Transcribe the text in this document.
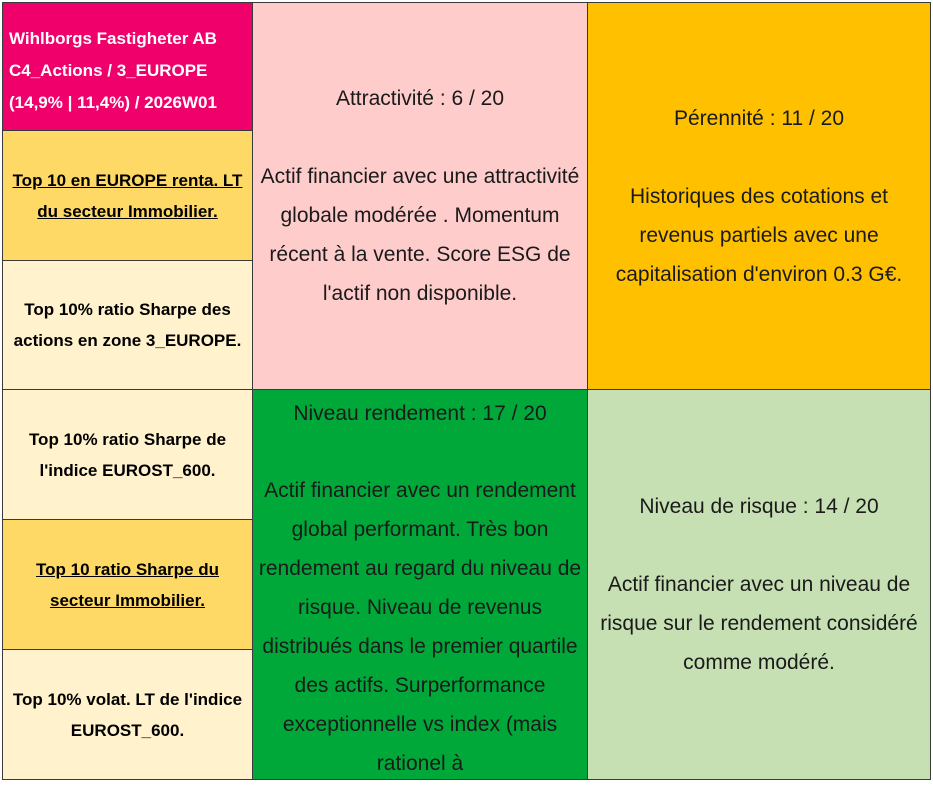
Wihlborgs Fastigheter AB
C4_Actions / 3_EUROPE
(14,9% | 11,4%) / 2026W01
Top 10 en EUROPE renta. LT du secteur Immobilier.
Top 10% ratio Sharpe des actions en zone 3_EUROPE.
Top 10% ratio Sharpe de l'indice EUROST_600.
Top 10 ratio Sharpe du secteur Immobilier.
Top 10% volat. LT de l'indice EUROST_600.
Attractivité : 6 / 20
Actif financier avec une attractivité globale modérée . Momentum récent à la vente. Score ESG de l'actif non disponible.
Pérennité : 11 / 20
Historiques des cotations et revenus partiels avec une capitalisation d'environ 0.3 G€.
Niveau rendement : 17 / 20
Actif financier avec un rendement global performant. Très bon rendement au regard du niveau de risque. Niveau de revenus distribués dans le premier quartile des actifs. Surperformance exceptionnelle vs index (mais rationel à
Niveau de risque : 14 / 20
Actif financier avec un niveau de risque sur le rendement considéré comme modéré.
